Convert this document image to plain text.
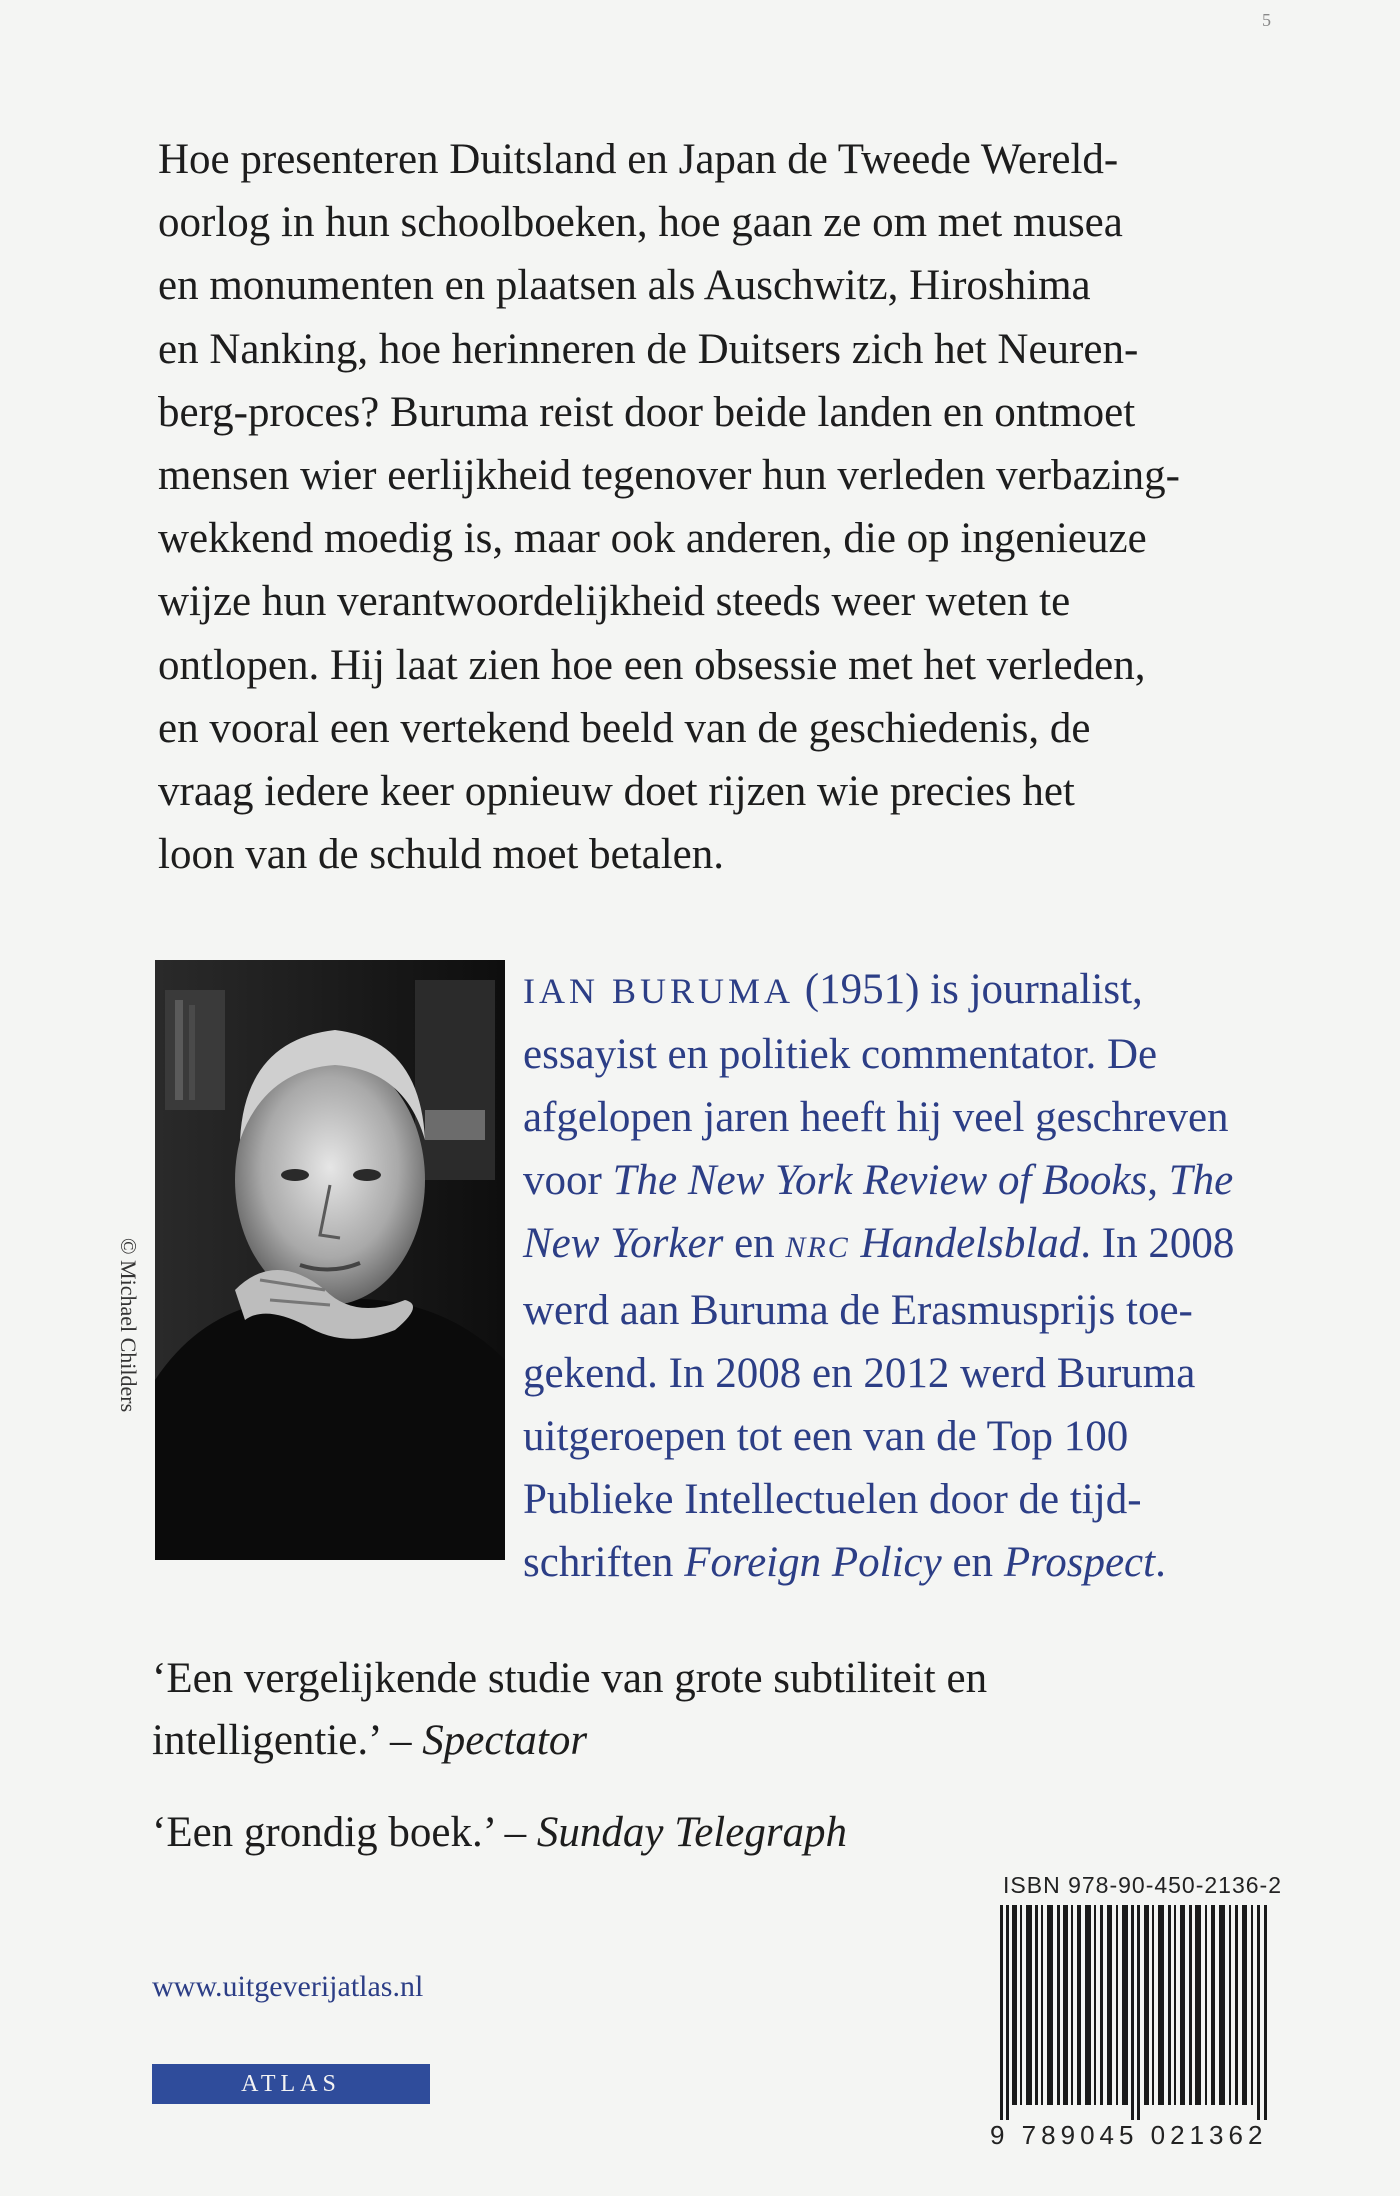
5
Hoe presenteren Duitsland en Japan de Tweede Wereld-
oorlog in hun schoolboeken, hoe gaan ze om met musea
en monumenten en plaatsen als Auschwitz, Hiroshima
en Nanking, hoe herinneren de Duitsers zich het Neuren-
berg-proces? Buruma reist door beide landen en ontmoet
mensen wier eerlijkheid tegenover hun verleden verbazing-
wekkend moedig is, maar ook anderen, die op ingenieuze
wijze hun verantwoordelijkheid steeds weer weten te
ontlopen. Hij laat zien hoe een obsessie met het verleden,
en vooral een vertekend beeld van de geschiedenis, de
vraag iedere keer opnieuw doet rijzen wie precies het
loon van de schuld moet betalen.
© Michael Childers
IAN BURUMA (1951) is journalist,
essayist en politiek commentator. De
afgelopen jaren heeft hij veel geschreven
voor The New York Review of Books, The
New Yorker en NRC Handelsblad. In 2008
werd aan Buruma de Erasmusprijs toe-
gekend. In 2008 en 2012 werd Buruma
uitgeroepen tot een van de Top 100
Publieke Intellectuelen door de tijd-
schriften Foreign Policy en Prospect.
‘Een vergelijkende studie van grote subtiliteit en
intelligentie.’ – Spectator
‘Een grondig boek.’ – Sunday Telegraph
www.uitgeverijatlas.nl
ATLAS
ISBN 978-90-450-2136-2
9 789045 021362
